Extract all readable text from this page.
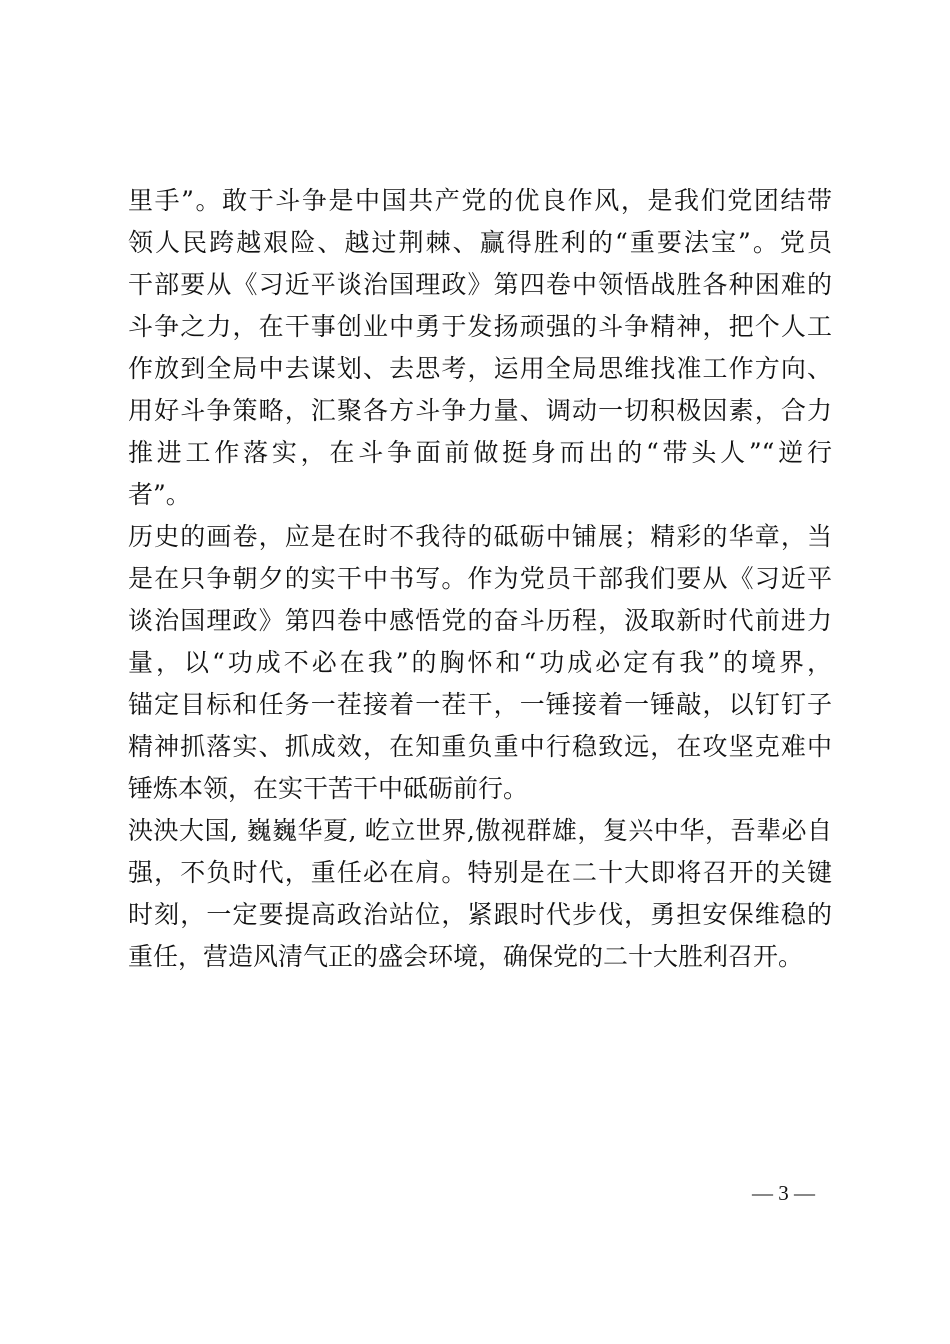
里手”。敢于斗争是中国共产党的优良作风，是我们党团结带
领人民跨越艰险、越过荆棘、赢得胜利的“重要法宝”。党员
干部要从《习近平谈治国理政》第四卷中领悟战胜各种困难的
斗争之力，在干事创业中勇于发扬顽强的斗争精神，把个人工
作放到全局中去谋划、去思考，运用全局思维找准工作方向、
用好斗争策略，汇聚各方斗争力量、调动一切积极因素，合力
推进工作落实，在斗争面前做挺身而出的“带头人”“逆行
者”。
历史的画卷，应是在时不我待的砥砺中铺展；精彩的华章，当
是在只争朝夕的实干中书写。作为党员干部我们要从《习近平
谈治国理政》第四卷中感悟党的奋斗历程，汲取新时代前进力
量，以“功成不必在我”的胸怀和“功成必定有我”的境界，
锚定目标和任务一茬接着一茬干，一锤接着一锤敲，以钉钉子
精神抓落实、抓成效，在知重负重中行稳致远，在攻坚克难中
锤炼本领，在实干苦干中砥砺前行。
泱泱大国, 巍巍华夏, 屹立世界,傲视群雄，复兴中华，吾辈必自
强，不负时代，重任必在肩。特别是在二十大即将召开的关键
时刻，一定要提高政治站位，紧跟时代步伐，勇担安保维稳的
重任，营造风清气正的盛会环境，确保党的二十大胜利召开。
— 3 —
